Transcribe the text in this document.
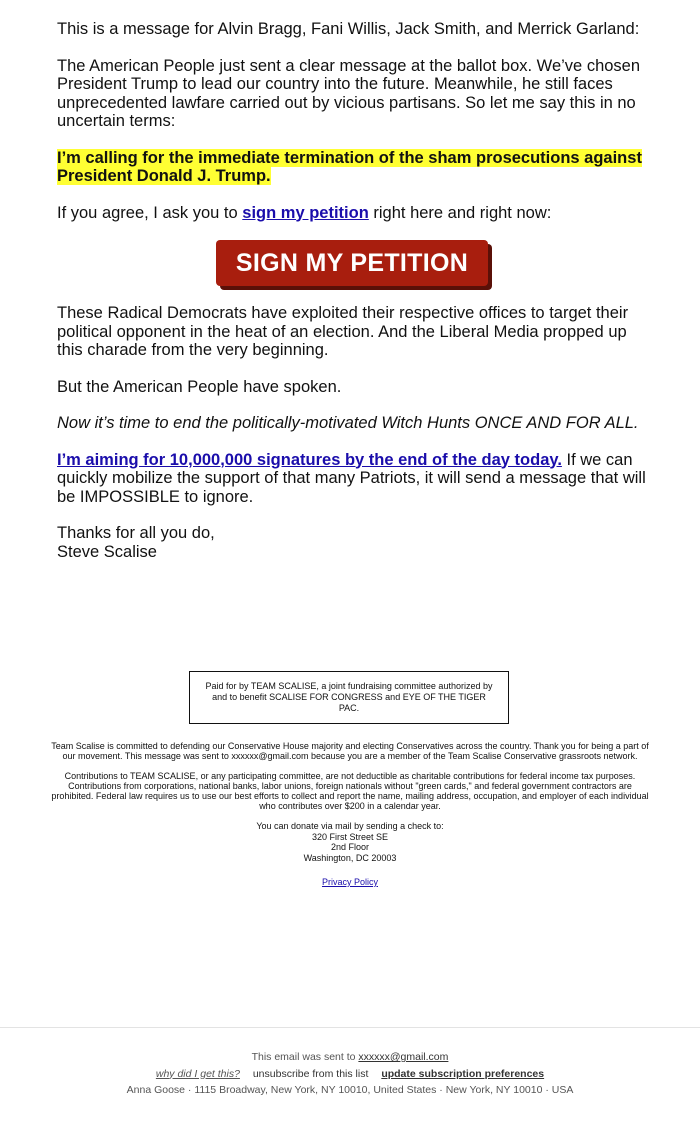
This is a message for Alvin Bragg, Fani Willis, Jack Smith, and Merrick Garland:

The American People just sent a clear message at the ballot box. We’ve chosen President Trump to lead our country into the future. Meanwhile, he still faces unprecedented lawfare carried out by vicious partisans. So let me say this in no uncertain terms:

I’m calling for the immediate termination of the sham prosecutions against President Donald J. Trump.

If you agree, I ask you to sign my petition right here and right now:

SIGN MY PETITION

These Radical Democrats have exploited their respective offices to target their political opponent in the heat of an election. And the Liberal Media propped up this charade from the very beginning.

But the American People have spoken.

Now it’s time to end the politically-motivated Witch Hunts ONCE AND FOR ALL.

I’m aiming for 10,000,000 signatures by the end of the day today. If we can quickly mobilize the support of that many Patriots, it will send a message that will be IMPOSSIBLE to ignore.

Thanks for all you do,
Steve Scalise

Paid for by TEAM SCALISE, a joint fundraising committee authorized by and to benefit SCALISE FOR CONGRESS and EYE OF THE TIGER PAC.

Team Scalise is committed to defending our Conservative House majority and electing Conservatives across the country. Thank you for being a part of our movement. This message was sent to xxxxxx@gmail.com because you are a member of the Team Scalise Conservative grassroots network.

Contributions to TEAM SCALISE, or any participating committee, are not deductible as charitable contributions for federal income tax purposes. Contributions from corporations, national banks, labor unions, foreign nationals without "green cards," and federal government contractors are prohibited. Federal law requires us to use our best efforts to collect and report the name, mailing address, occupation, and employer of each individual who contributes over $200 in a calendar year.

You can donate via mail by sending a check to:
320 First Street SE
2nd Floor
Washington, DC 20003

Privacy Policy

This email was sent to xxxxxx@gmail.com
why did I get this? unsubscribe from this list update subscription preferences
Anna Goose · 1115 Broadway, New York, NY 10010, United States · New York, NY 10010 · USA
